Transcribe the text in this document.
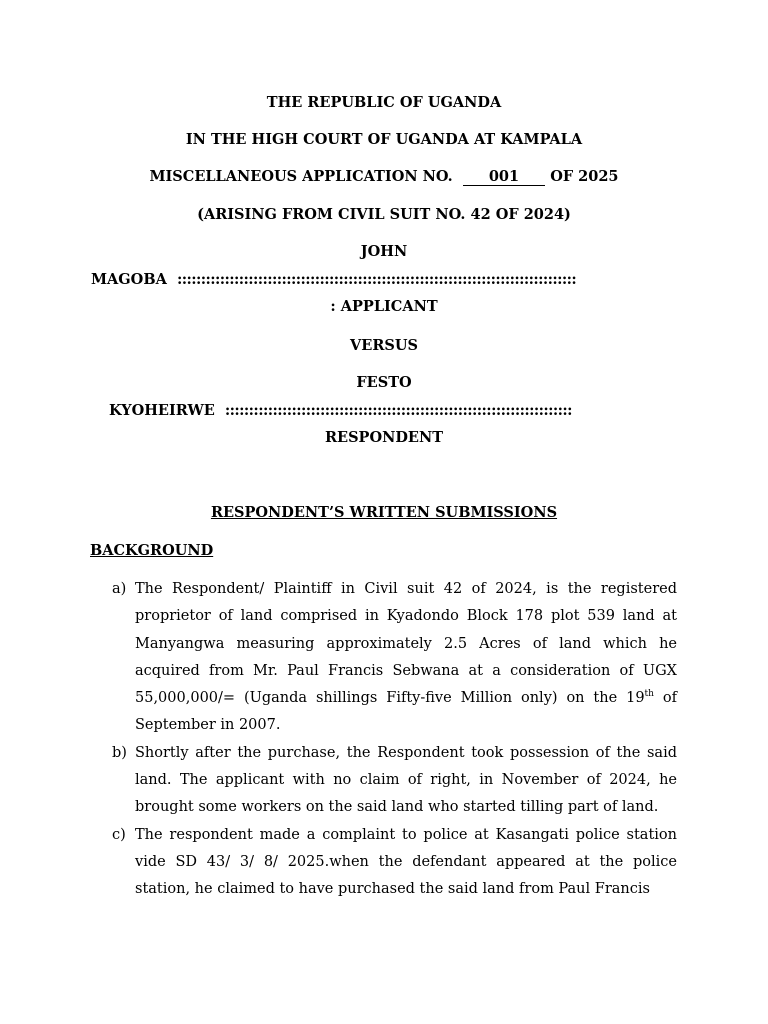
THE REPUBLIC OF UGANDA
IN THE HIGH COURT OF UGANDA AT KAMPALA
MISCELLANEOUS APPLICATION NO. 001 OF 2025
(ARISING FROM CIVIL SUIT NO. 42 OF 2024)
JOHN
MAGOBA ::::::::::::::::::::::::::::::::::::::::::::::::::::::::::::::::::::::::::::::::::::
: APPLICANT
VERSUS
FESTO
KYOHEIRWE :::::::::::::::::::::::::::::::::::::::::::::::::::::::::::::::::::::::::
RESPONDENT
RESPONDENT’S WRITTEN SUBMISSIONS
BACKGROUND
a) The Respondent/ Plaintiff in Civil suit 42 of 2024, is the registered proprietor of land comprised in Kyadondo Block 178 plot 539 land at Manyangwa measuring approximately 2.5 Acres of land which he acquired from Mr. Paul Francis Sebwana at a consideration of UGX 55,000,000/= (Uganda shillings Fifty-five Million only) on the 19th of September in 2007.
b) Shortly after the purchase, the Respondent took possession of the said land. The applicant with no claim of right, in November of 2024, he brought some workers on the said land who started tilling part of land.
c) The respondent made a complaint to police at Kasangati police station vide SD 43/ 3/ 8/ 2025.when the defendant appeared at the police station, he claimed to have purchased the said land from Paul Francis
